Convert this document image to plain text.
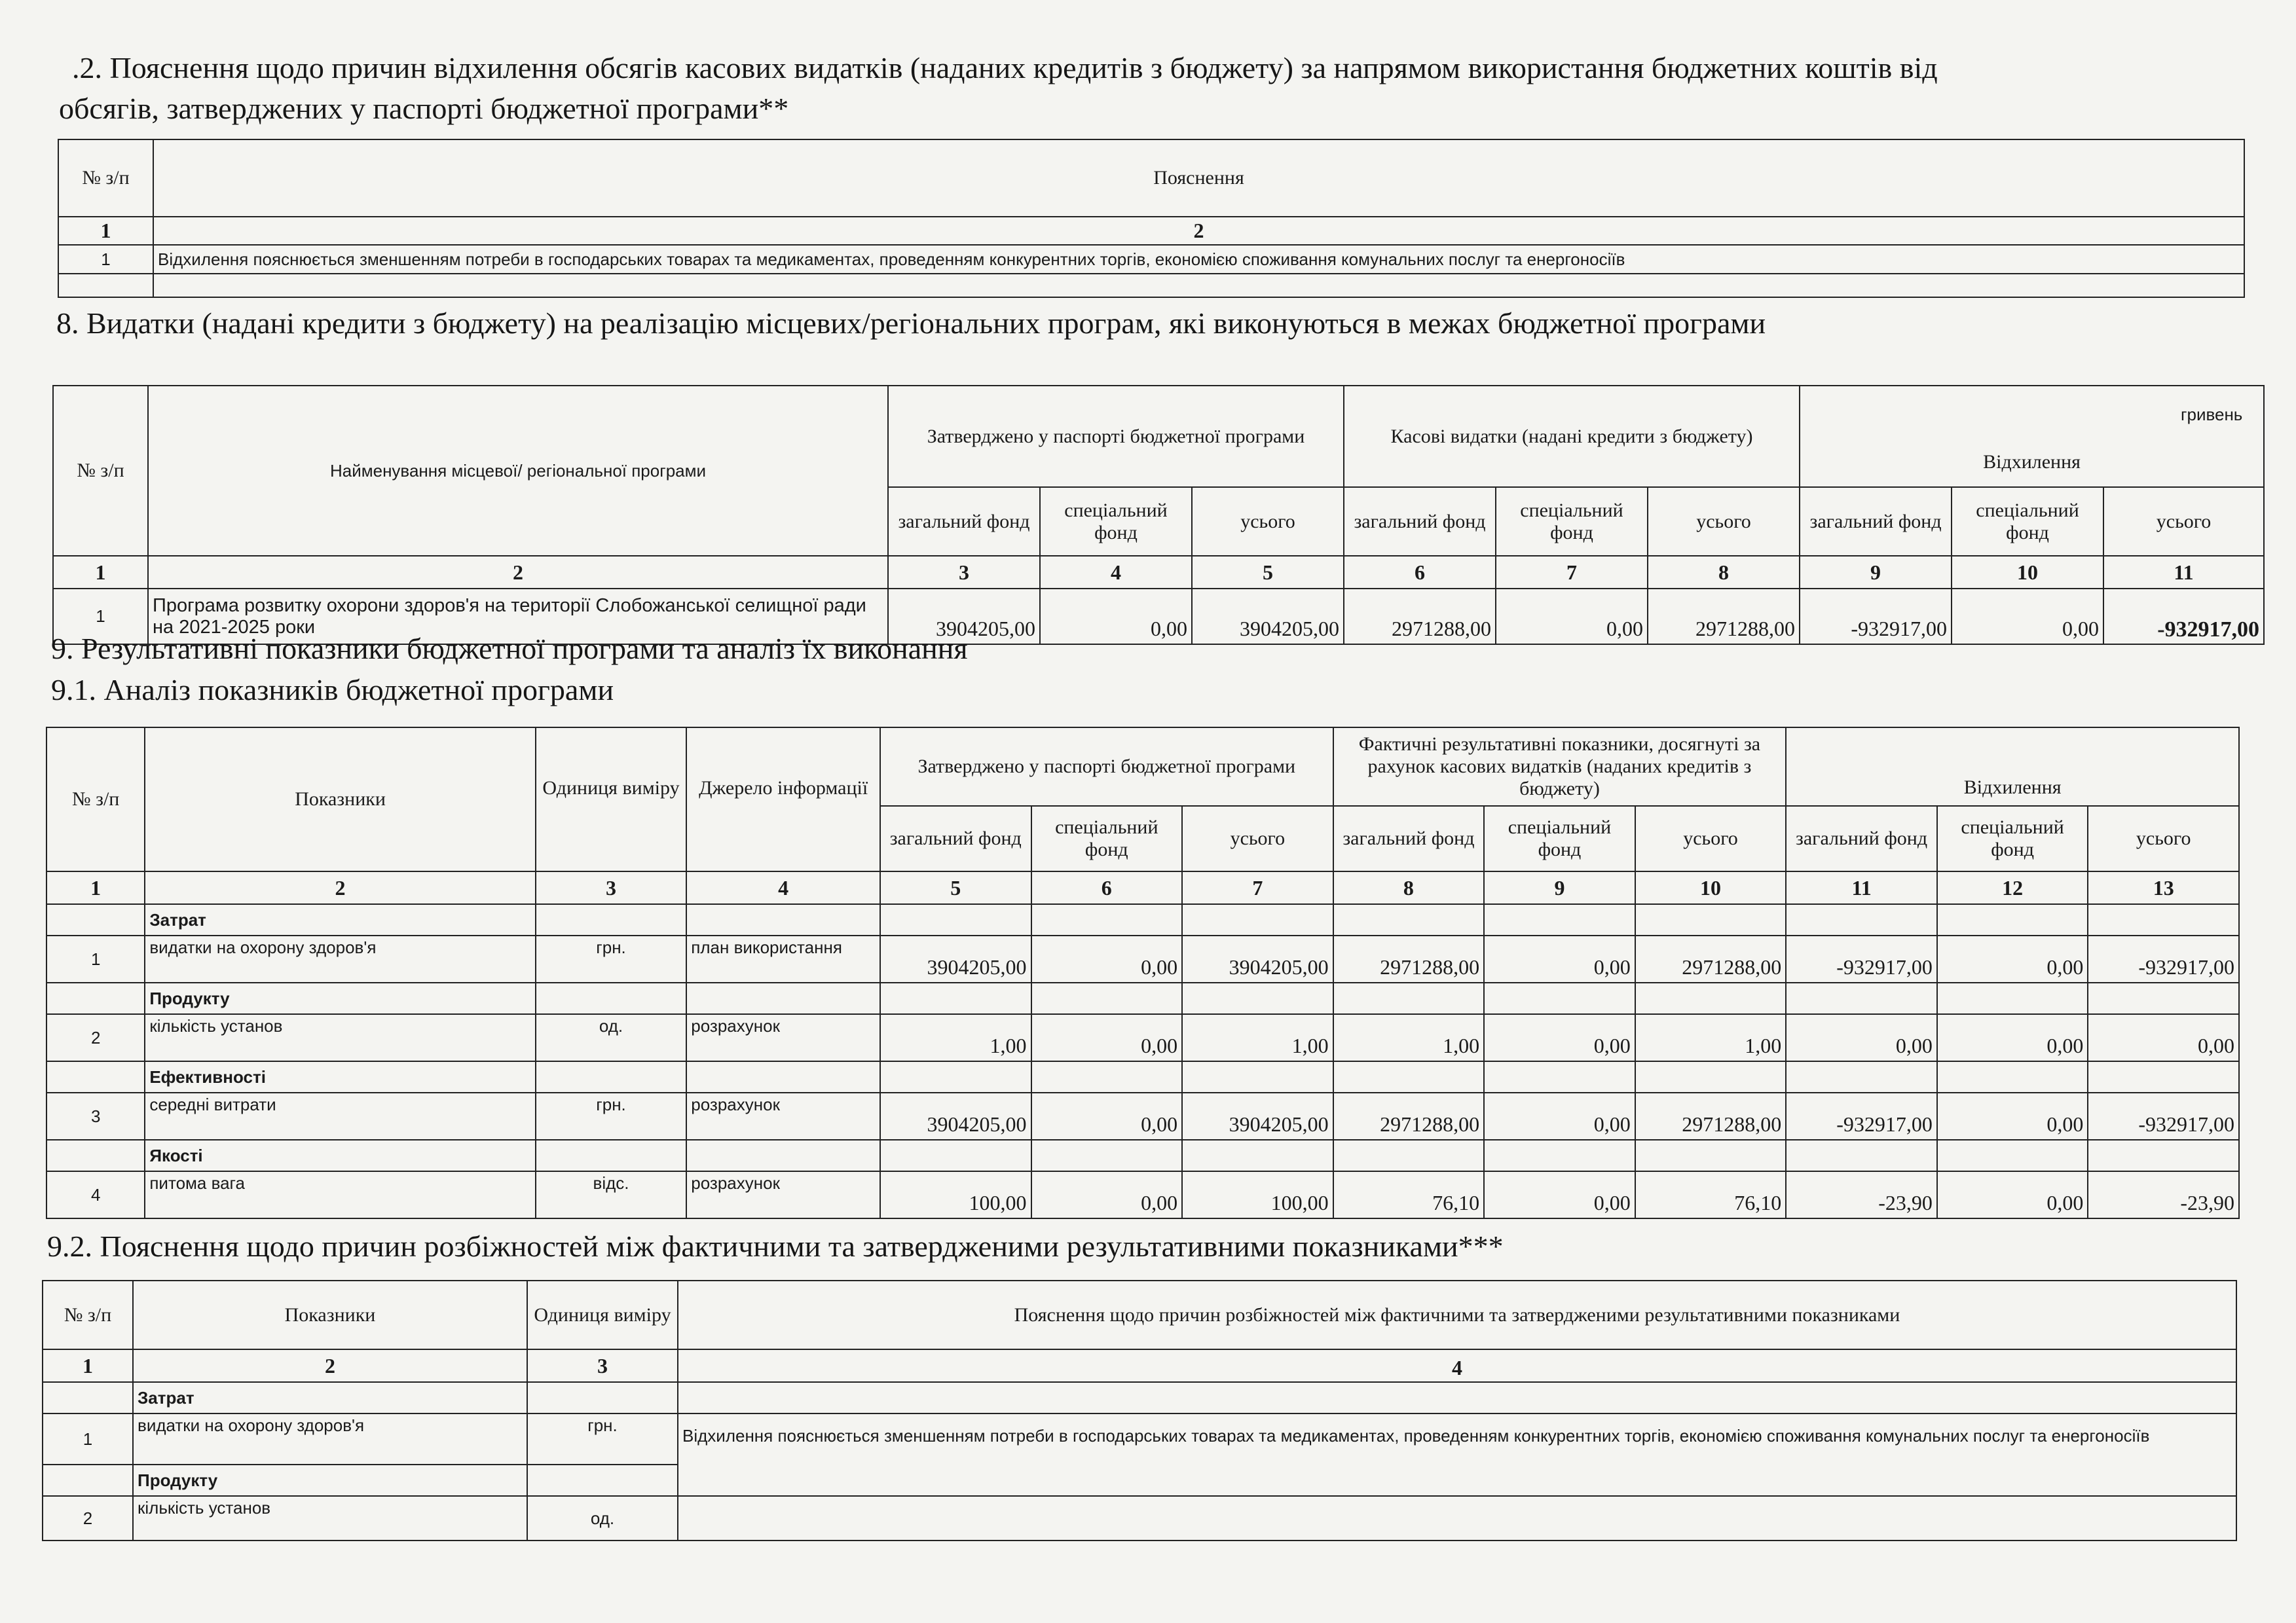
.2. Пояснення щодо причин відхилення обсягів касових видатків (наданих кредитів з бюджету) за напрямом використання бюджетних коштів від
обсягів, затверджених у паспорті бюджетної програми**
№ з/п	Пояснення
1	2
1	Відхилення пояснюється зменшенням потреби в господарських товарах та медикаментах, проведенням конкурентних торгів, економією споживання комунальних послуг та енергоносіїв

8. Видатки (надані кредити з бюджету) на реалізацію місцевих/регіональних програм, які виконуються в межах бюджетної програми
гривень
№ з/п	Найменування місцевої/ регіональної програми	Затверджено у паспорті бюджетної програми			Касові видатки (надані кредити з бюджету)			Відхилення		
		загальний фонд	спеціальний фонд	усього	загальний фонд	спеціальний фонд	усього	загальний фонд	спеціальний фонд	усього
1	2	3	4	5	6	7	8	9	10	11
1	Програма розвитку охорони здоров'я на території Слобожанської селищної ради на 2021-2025 роки	3904205,00	0,00	3904205,00	2971288,00	0,00	2971288,00	-932917,00	0,00	-932917,00
9. Результативні показники бюджетної програми та аналіз їх виконання
9.1. Аналіз показників бюджетної програми
№ з/п	Показники	Одиниця виміру	Джерело інформації	Затверджено у паспорті бюджетної програми			Фактичні результативні показники, досягнуті за рахунок касових видатків (наданих кредитів з бюджету)			Відхилення		
				загальний фонд	спеціальний фонд	усього	загальний фонд	спеціальний фонд	усього	загальний фонд	спеціальний фонд	усього
1	2	3	4	5	6	7	8	9	10	11	12	13
	Затрат											
1	видатки на охорону здоров'я	грн.	план використання	3904205,00	0,00	3904205,00	2971288,00	0,00	2971288,00	-932917,00	0,00	-932917,00
	Продукту											
2	кількість установ	од.	розрахунок	1,00	0,00	1,00	1,00	0,00	1,00	0,00	0,00	0,00
	Ефективності											
3	середні витрати	грн.	розрахунок	3904205,00	0,00	3904205,00	2971288,00	0,00	2971288,00	-932917,00	0,00	-932917,00
	Якості											
4	питома вага	відс.	розрахунок	100,00	0,00	100,00	76,10	0,00	76,10	-23,90	0,00	-23,90
9.2. Пояснення щодо причин розбіжностей між фактичними та затвердженими результативними показниками***
№ з/п	Показники	Одиниця виміру	Пояснення щодо причин розбіжностей між фактичними та затвердженими результативними показниками
1	2	3	4
	Затрат		
1	видатки на охорону здоров'я	грн.	Відхилення пояснюється зменшенням потреби в господарських товарах та медикаментах, проведенням конкурентних торгів, економією споживання комунальних послуг та енергоносіїв
	Продукту		
2	кількість установ	од.	
